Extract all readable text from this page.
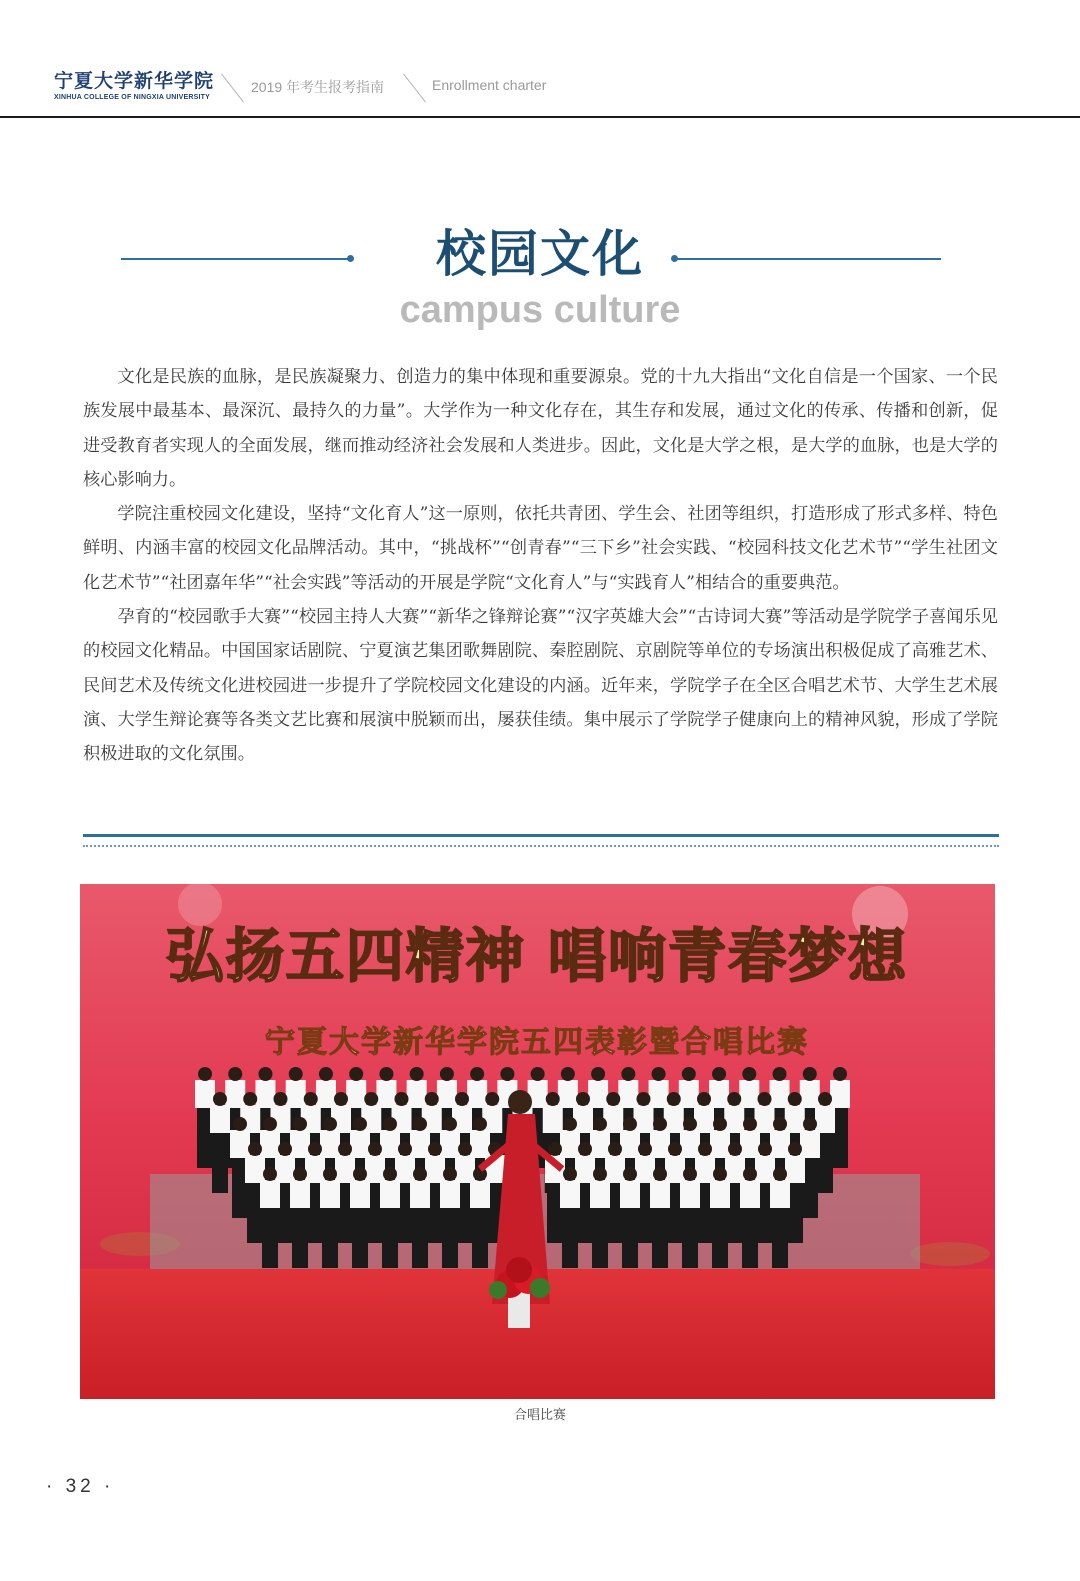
宁夏大学新华学院
XINHUA COLLEGE OF NINGXIA UNIVERSITY
2019 年考生报考指南	Enrollment charter
校园文化
campus culture

文化是民族的血脉，是民族凝聚力、创造力的集中体现和重要源泉。党的十九大指出“文化自信是一个国家、一个民族发展中最基本、最深沉、最持久的力量”。大学作为一种文化存在，其生存和发展，通过文化的传承、传播和创新，促进受教育者实现人的全面发展，继而推动经济社会发展和人类进步。因此，文化是大学之根，是大学的血脉，也是大学的核心影响力。

学院注重校园文化建设，坚持“文化育人”这一原则，依托共青团、学生会、社团等组织，打造形成了形式多样、特色鲜明、内涵丰富的校园文化品牌活动。其中，“挑战杯”“创青春”“三下乡”社会实践、“校园科技文化艺术节”“学生社团文化艺术节”“社团嘉年华”“社会实践”等活动的开展是学院“文化育人”与“实践育人”相结合的重要典范。

孕育的“校园歌手大赛”“校园主持人大赛”“新华之锋辩论赛”“汉字英雄大会”“古诗词大赛”等活动是学院学子喜闻乐见的校园文化精品。中国国家话剧院、宁夏演艺集团歌舞剧院、秦腔剧院、京剧院等单位的专场演出积极促成了高雅艺术、民间艺术及传统文化进校园进一步提升了学院校园文化建设的内涵。近年来，学院学子在全区合唱艺术节、大学生艺术展演、大学生辩论赛等各类文艺比赛和展演中脱颖而出，屡获佳绩。集中展示了学院学子健康向上的精神风貌，形成了学院积极进取的文化氛围。

弘扬五四精神 唱响青春梦想
宁夏大学新华学院五四表彰暨合唱比赛
合唱比赛
· 32 ·
